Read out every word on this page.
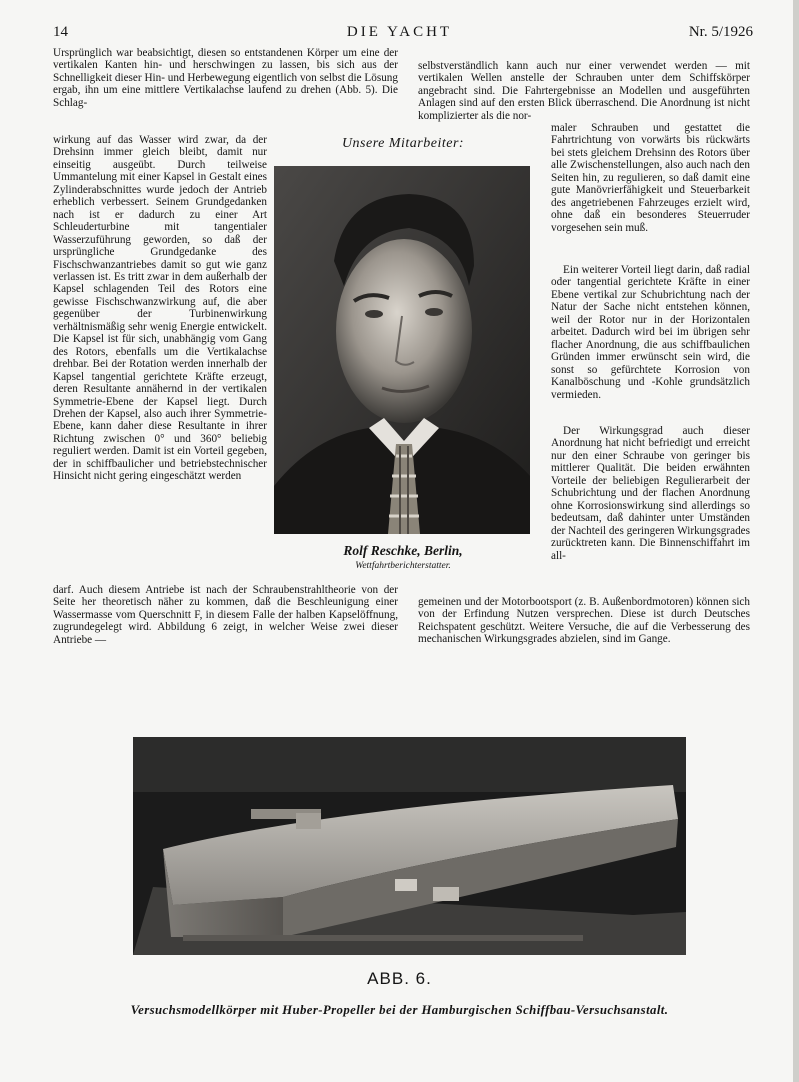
14	DIE YACHT	Nr. 5/1926

Ursprünglich war beabsichtigt, diesen so entstandenen Körper um eine der vertikalen Kanten hin- und herschwingen zu lassen, bis sich aus der Schnelligkeit dieser Hin- und Herbewegung eigentlich von selbst die Lösung ergab, ihn um eine mittlere Vertikalachse laufend zu drehen (Abb. 5). Die Schlag-

wirkung auf das Wasser wird zwar, da der Drehsinn immer gleich bleibt, damit nur einseitig ausgeübt. Durch teilweise Ummantelung mit einer Kapsel in Gestalt eines Zylinderabschnittes wurde jedoch der Antrieb erheblich verbessert. Seinem Grundgedanken nach ist er dadurch zu einer Art Schleuderturbine mit tangentialer Wasserzuführung geworden, so daß der ursprüngliche Grundgedanke des Fischschwanzantriebes damit so gut wie ganz verlassen ist. Es tritt zwar in dem außerhalb der Kapsel schlagenden Teil des Rotors eine gewisse Fischschwanzwirkung auf, die aber gegenüber der Turbinenwirkung verhältnismäßig sehr wenig Energie entwickelt. Die Kapsel ist für sich, unabhängig vom Gang des Rotors, ebenfalls um die Vertikalachse drehbar. Bei der Rotation werden innerhalb der Kapsel tangential gerichtete Kräfte erzeugt, deren Resultante annähernd in der vertikalen Symmetrie-Ebene der Kapsel liegt. Durch Drehen der Kapsel, also auch ihrer Symmetrie-Ebene, kann daher diese Resultante in ihrer Richtung zwischen 0° und 360° beliebig reguliert werden. Damit ist ein Vorteil gegeben, der in schiffbaulicher und betriebstechnischer Hinsicht nicht gering eingeschätzt werden

darf. Auch diesem Antriebe ist nach der Schraubenstrahltheorie von der Seite her theoretisch näher zu kommen, daß die Beschleunigung einer Wassermasse vom Querschnitt F, in diesem Falle der halben Kapselöffnung, zugrundegelegt wird. Abbildung 6 zeigt, in welcher Weise zwei dieser Antriebe —

selbstverständlich kann auch nur einer verwendet werden — mit vertikalen Wellen anstelle der Schrauben unter dem Schiffskörper angebracht sind. Die Fahrtergebnisse an Modellen und ausgeführten Anlagen sind auf den ersten Blick überraschend. Die Anordnung ist nicht komplizierter als die nor-

maler Schrauben und gestattet die Fahrtrichtung von vorwärts bis rückwärts bei stets gleichem Drehsinn des Rotors über alle Zwischenstellungen, also auch nach den Seiten hin, zu regulieren, so daß damit eine gute Manövrierfähigkeit und Steuerbarkeit des angetriebenen Fahrzeuges erzielt wird, ohne daß ein besonderes Steuerruder vorgesehen sein muß.

Ein weiterer Vorteil liegt darin, daß radial oder tangential gerichtete Kräfte in einer Ebene vertikal zur Schubrichtung nach der Natur der Sache nicht entstehen können, weil der Rotor nur in der Horizontalen arbeitet. Dadurch wird bei im übrigen sehr flacher Anordnung, die aus schiffbaulichen Gründen immer erwünscht sein wird, die sonst so gefürchtete Korrosion von Kanalböschung und -Kohle grundsätzlich vermieden.

Der Wirkungsgrad auch dieser Anordnung hat nicht befriedigt und erreicht nur den einer Schraube von geringer bis mittlerer Qualität. Die beiden erwähnten Vorteile der beliebigen Regulierarbeit der Schubrichtung und der flachen Anordnung ohne Korrosionswirkung sind allerdings so bedeutsam, daß dahinter unter Umständen der Nachteil des geringeren Wirkungsgrades zurücktreten kann. Die Binnenschiffahrt im all-

gemeinen und der Motorbootsport (z. B. Außenbordmotoren) können sich von der Erfindung Nutzen versprechen. Diese ist durch Deutsches Reichspatent geschützt. Weitere Versuche, die auf die Verbesserung des mechanischen Wirkungsgrades abzielen, sind im Gange.

Unsere Mitarbeiter:
Rolf Reschke, Berlin,
Wettfahrtberichterstatter.
ABB. 6.
Versuchsmodellkörper mit Huber-Propeller bei der Hamburgischen Schiffbau-Versuchsanstalt.
